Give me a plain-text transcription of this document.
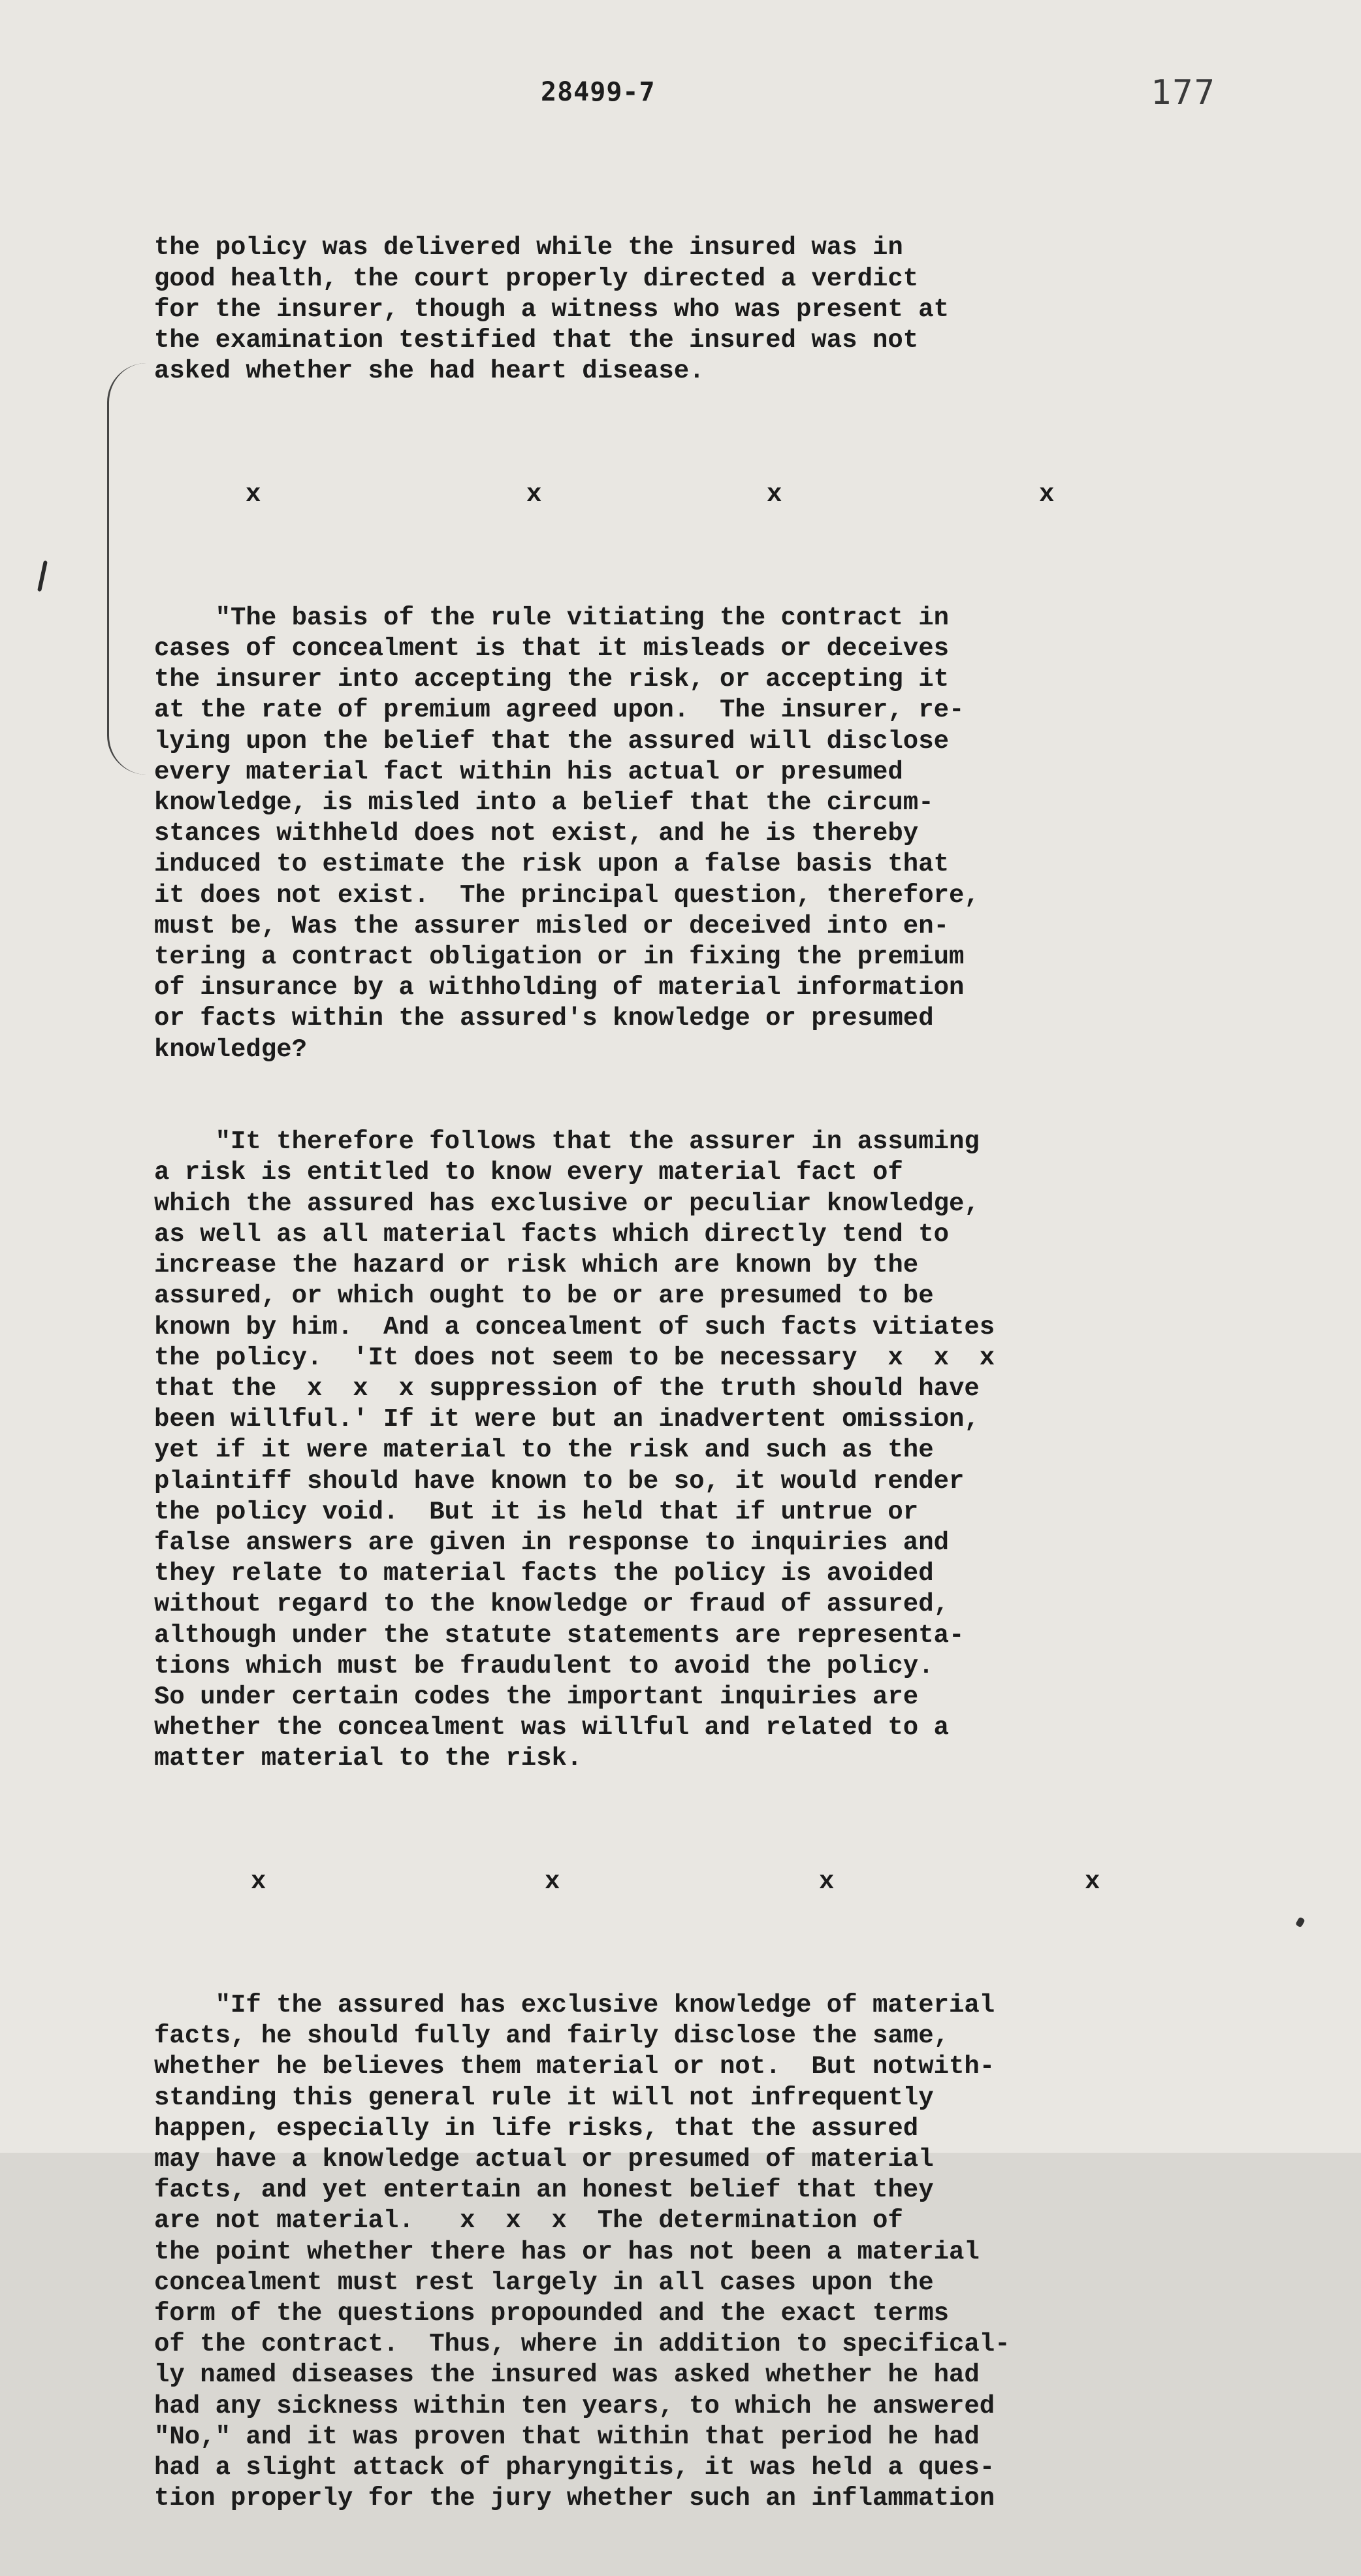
28499-7	177

the policy was delivered while the insured was in
good health, the court properly directed a verdict
for the insurer, though a witness who was present at
the examination testified that the insured was not
asked whether she had heart disease.

x

	x

	x

	x

"The basis of the rule vitiating the contract in
cases of concealment is that it misleads or deceives
the insurer into accepting the risk, or accepting it
at the rate of premium agreed upon.  The insurer, re-
lying upon the belief that the assured will disclose
every material fact within his actual or presumed
knowledge, is misled into a belief that the circum-
stances withheld does not exist, and he is thereby
induced to estimate the risk upon a false basis that
it does not exist.  The principal question, therefore,
must be, Was the assurer misled or deceived into en-
tering a contract obligation or in fixing the premium
of insurance by a withholding of material information
or facts within the assured's knowledge or presumed
knowledge?

"It therefore follows that the assurer in assuming
a risk is entitled to know every material fact of
which the assured has exclusive or peculiar knowledge,
as well as all material facts which directly tend to
increase the hazard or risk which are known by the
assured, or which ought to be or are presumed to be
known by him.  And a concealment of such facts vitiates
the policy.  'It does not seem to be necessary  x  x  x
that the  x  x  x suppression of the truth should have
been willful.' If it were but an inadvertent omission,
yet if it were material to the risk and such as the
plaintiff should have known to be so, it would render
the policy void.  But it is held that if untrue or
false answers are given in response to inquiries and
they relate to material facts the policy is avoided
without regard to the knowledge or fraud of assured,
although under the statute statements are representa-
tions which must be fraudulent to avoid the policy.
So under certain codes the important inquiries are
whether the concealment was willful and related to a
matter material to the risk.

x

	x

	x

	x

"If the assured has exclusive knowledge of material
facts, he should fully and fairly disclose the same,
whether he believes them material or not.  But notwith-
standing this general rule it will not infrequently
happen, especially in life risks, that the assured
may have a knowledge actual or presumed of material
facts, and yet entertain an honest belief that they
are not material.   x  x  x  The determination of
the point whether there has or has not been a material
concealment must rest largely in all cases upon the
form of the questions propounded and the exact terms
of the contract.  Thus, where in addition to specifical-
ly named diseases the insured was asked whether he had
had any sickness within ten years, to which he answered
"No," and it was proven that within that period he had
had a slight attack of pharyngitis, it was held a ques-
tion properly for the jury whether such an inflammation
